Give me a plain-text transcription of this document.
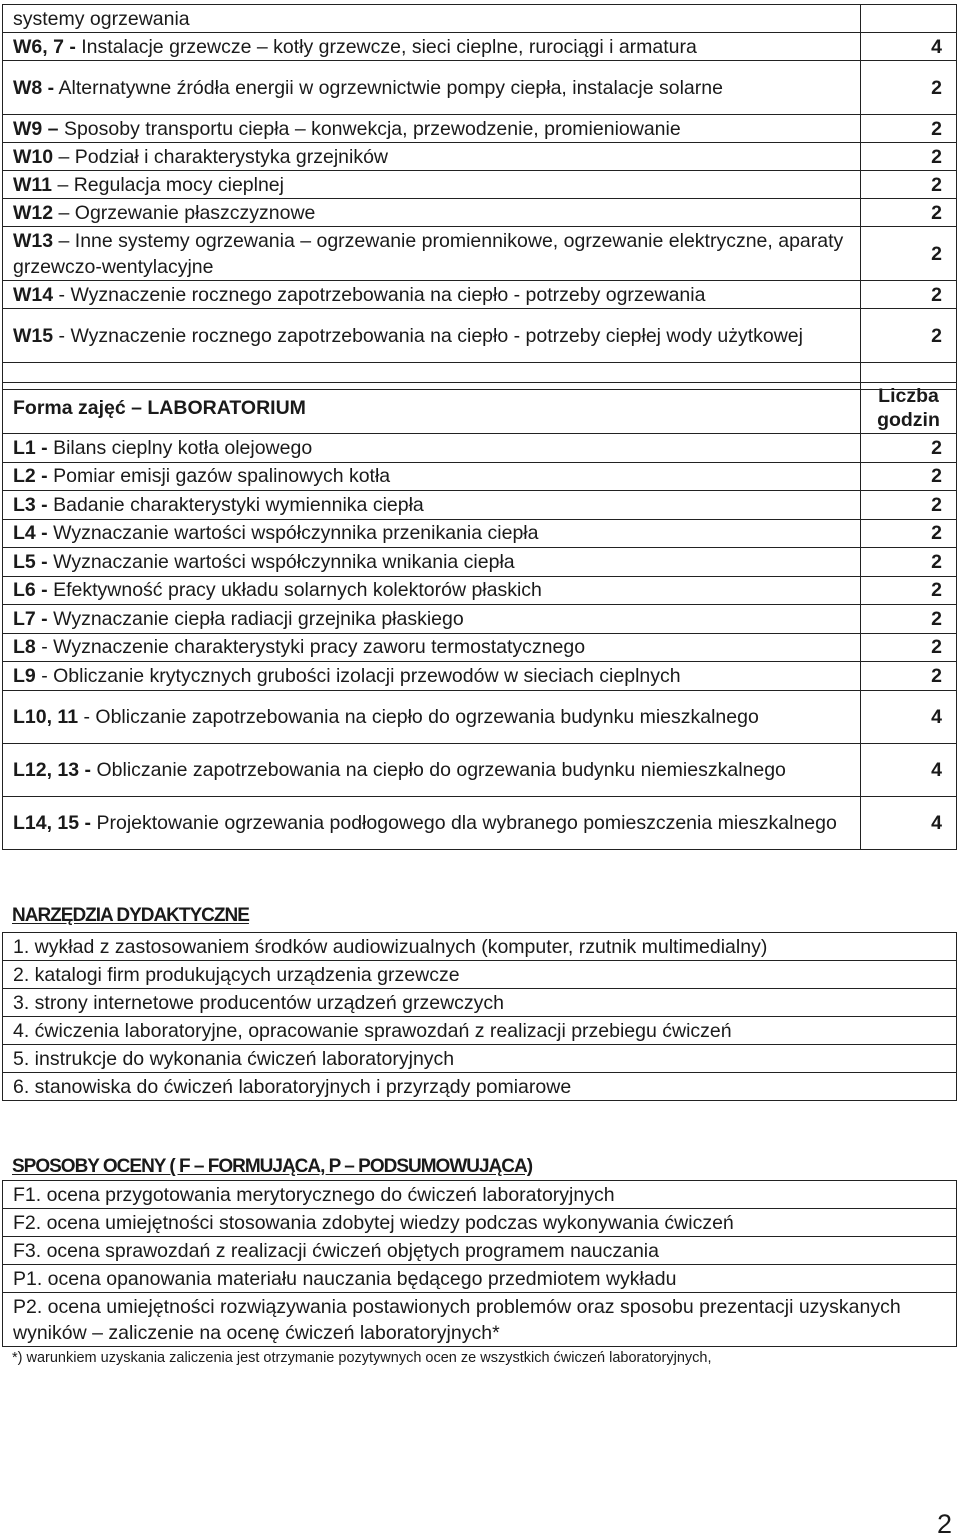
systemy ogrzewania	
W6, 7 - Instalacje grzewcze – kotły grzewcze, sieci cieplne, rurociągi i armatura	4
W8 - Alternatywne źródła energii w ogrzewnictwie pompy ciepła, instalacje solarne	2
W9 – Sposoby transportu ciepła – konwekcja, przewodzenie, promieniowanie	2
W10 – Podział i charakterystyka grzejników	2
W11 – Regulacja mocy cieplnej	2
W12 – Ogrzewanie płaszczyznowe	2
W13 – Inne systemy ogrzewania – ogrzewanie promiennikowe, ogrzewanie elektryczne, aparaty grzewczo-wentylacyjne	2
W14 - Wyznaczenie rocznego zapotrzebowania na ciepło - potrzeby ogrzewania	2
W15 - Wyznaczenie rocznego zapotrzebowania na ciepło - potrzeby ciepłej wody użytkowej	2

Forma zajęć – LABORATORIUM	Liczba
godzin
L1 - Bilans cieplny kotła olejowego	2
L2 - Pomiar emisji gazów spalinowych kotła	2
L3 - Badanie charakterystyki wymiennika ciepła	2
L4 - Wyznaczanie wartości współczynnika przenikania ciepła	2
L5 - Wyznaczanie wartości współczynnika wnikania ciepła	2
L6 - Efektywność pracy układu solarnych kolektorów płaskich	2
L7 - Wyznaczanie ciepła radiacji grzejnika płaskiego	2
L8 - Wyznaczenie charakterystyki pracy zaworu termostatycznego	2
L9 - Obliczanie krytycznych grubości izolacji przewodów w sieciach cieplnych	2
L10, 11 - Obliczanie zapotrzebowania na ciepło do ogrzewania budynku mieszkalnego	4
L12, 13 - Obliczanie zapotrzebowania na ciepło do ogrzewania budynku niemieszkalnego	4
L14, 15 - Projektowanie ogrzewania podłogowego dla wybranego pomieszczenia mieszkalnego	4
NARZĘDZIA DYDAKTYCZNE
1. wykład z zastosowaniem środków audiowizualnych (komputer, rzutnik multimedialny)
2. katalogi firm produkujących urządzenia grzewcze
3. strony internetowe producentów urządzeń grzewczych
4. ćwiczenia laboratoryjne, opracowanie sprawozdań z realizacji przebiegu ćwiczeń
5. instrukcje do wykonania ćwiczeń laboratoryjnych
6. stanowiska do ćwiczeń laboratoryjnych i przyrządy pomiarowe
SPOSOBY OCENY ( F – FORMUJĄCA, P – PODSUMOWUJĄCA)
F1. ocena przygotowania merytorycznego do ćwiczeń laboratoryjnych
F2. ocena umiejętności stosowania zdobytej wiedzy podczas wykonywania ćwiczeń
F3. ocena sprawozdań z realizacji ćwiczeń objętych programem nauczania
P1. ocena opanowania materiału nauczania będącego przedmiotem wykładu
P2. ocena umiejętności rozwiązywania postawionych problemów oraz sposobu prezentacji uzyskanych wyników – zaliczenie na ocenę ćwiczeń laboratoryjnych*
*) warunkiem uzyskania zaliczenia jest otrzymanie pozytywnych ocen ze wszystkich ćwiczeń laboratoryjnych,
2
